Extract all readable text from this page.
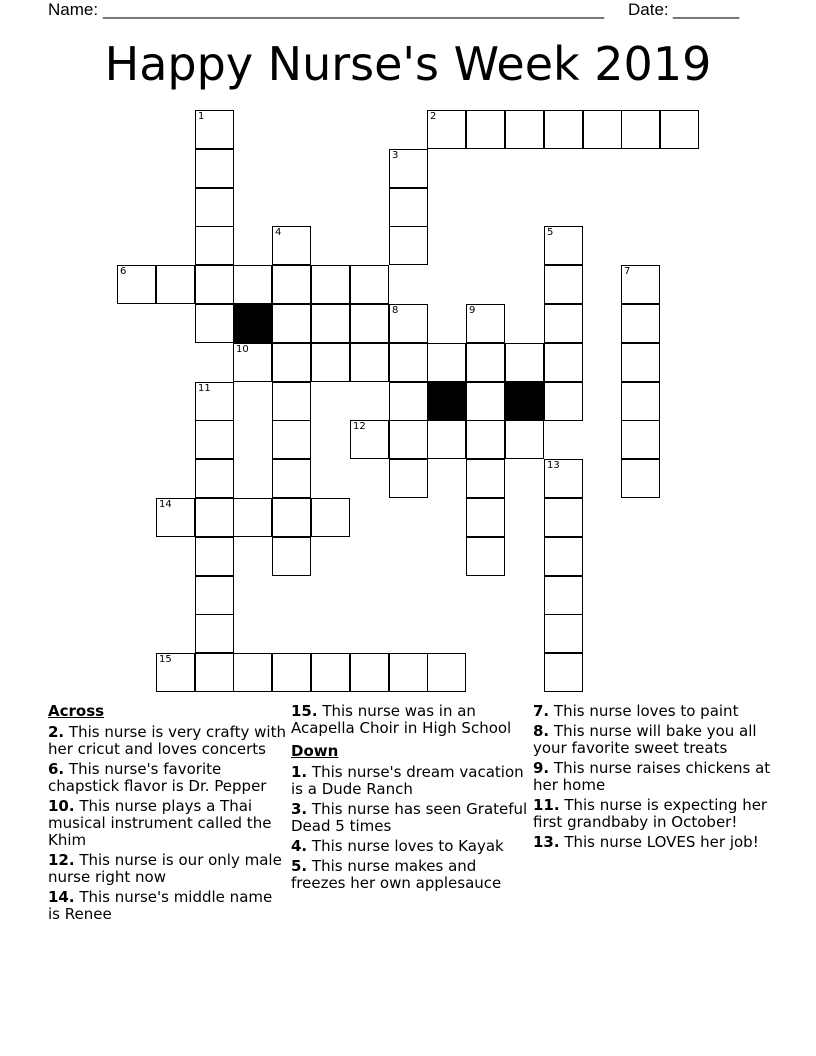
Name: _____________________________________________________ Date: _______
Happy Nurse's Week 2019
1	2
3
4	5
6	7
8	9
10
11
12
13
14
15
Across
2. This nurse is very crafty with her cricut and loves concerts
6. This nurse's favorite chapstick flavor is Dr. Pepper
10. This nurse plays a Thai musical instrument called the Khim
12. This nurse is our only male nurse right now
14. This nurse's middle name is Renee
15. This nurse was in an Acapella Choir in High School
Down
1. This nurse's dream vacation is a Dude Ranch
3. This nurse has seen Grateful Dead 5 times
4. This nurse loves to Kayak
5. This nurse makes and freezes her own applesauce
7. This nurse loves to paint
8. This nurse will bake you all your favorite sweet treats
9. This nurse raises chickens at her home
11. This nurse is expecting her first grandbaby in October!
13. This nurse LOVES her job!
